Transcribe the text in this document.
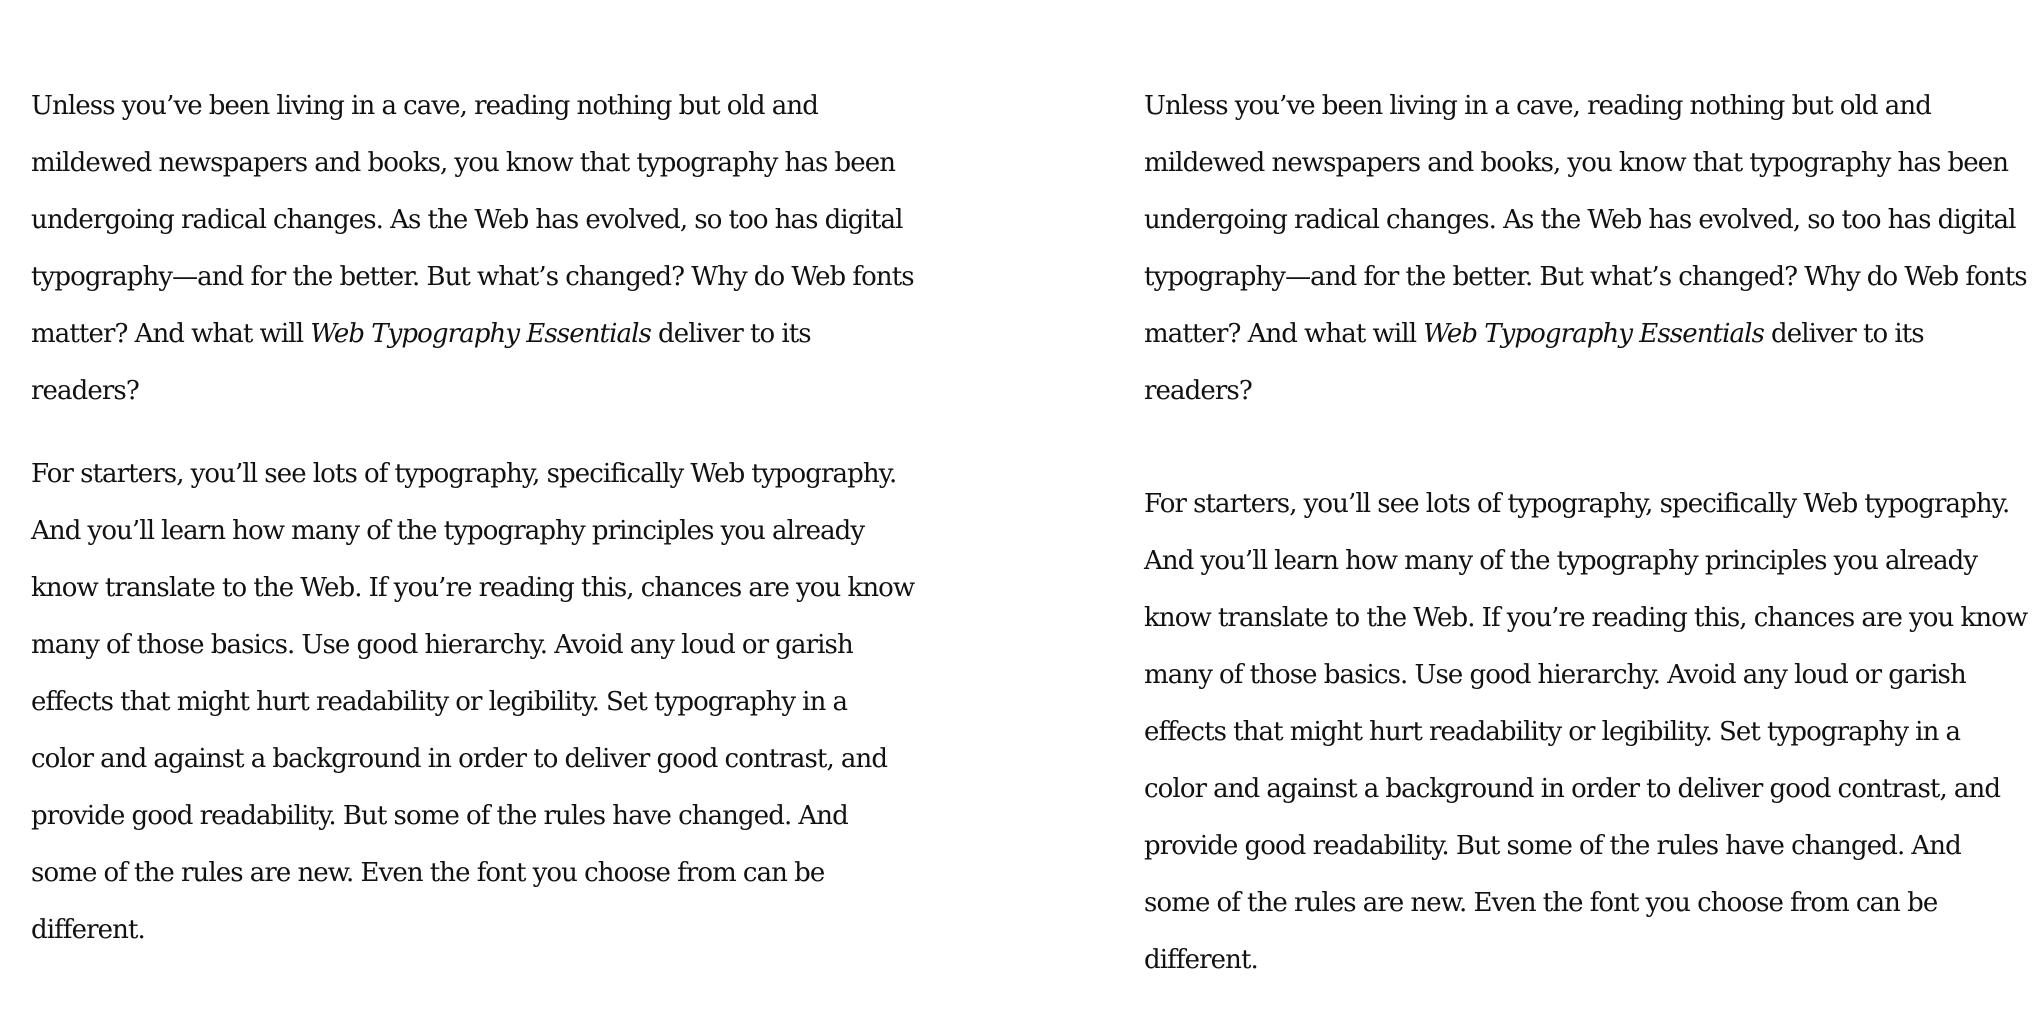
Unless you’ve been living in a cave, reading nothing but old and mildewed newspapers and books, you know that typography has been undergoing radical changes. As the Web has evolved, so too has digital typography—and for the better. But what’s changed? Why do Web fonts matter? And what will Web Typography Essentials deliver to its readers?

For starters, you’ll see lots of typography, specifically Web typography. And you’ll learn how many of the typography principles you already know translate to the Web. If you’re reading this, chances are you know many of those basics. Use good hierarchy. Avoid any loud or garish effects that might hurt readability or legibility. Set typography in a color and against a background in order to deliver good contrast, and provide good readability. But some of the rules have changed. And some of the rules are new. Even the font you choose from can be different.

Unless you’ve been living in a cave, reading nothing but old and mildewed newspapers and books, you know that typography has been undergoing radical changes. As the Web has evolved, so too has digital typography—and for the better. But what’s changed? Why do Web fonts matter? And what will Web Typography Essentials deliver to its readers?

For starters, you’ll see lots of typography, specifically Web typography. And you’ll learn how many of the typography principles you already know translate to the Web. If you’re reading this, chances are you know many of those basics. Use good hierarchy. Avoid any loud or garish effects that might hurt readability or legibility. Set typography in a color and against a background in order to deliver good contrast, and provide good readability. But some of the rules have changed. And some of the rules are new. Even the font you choose from can be different.
